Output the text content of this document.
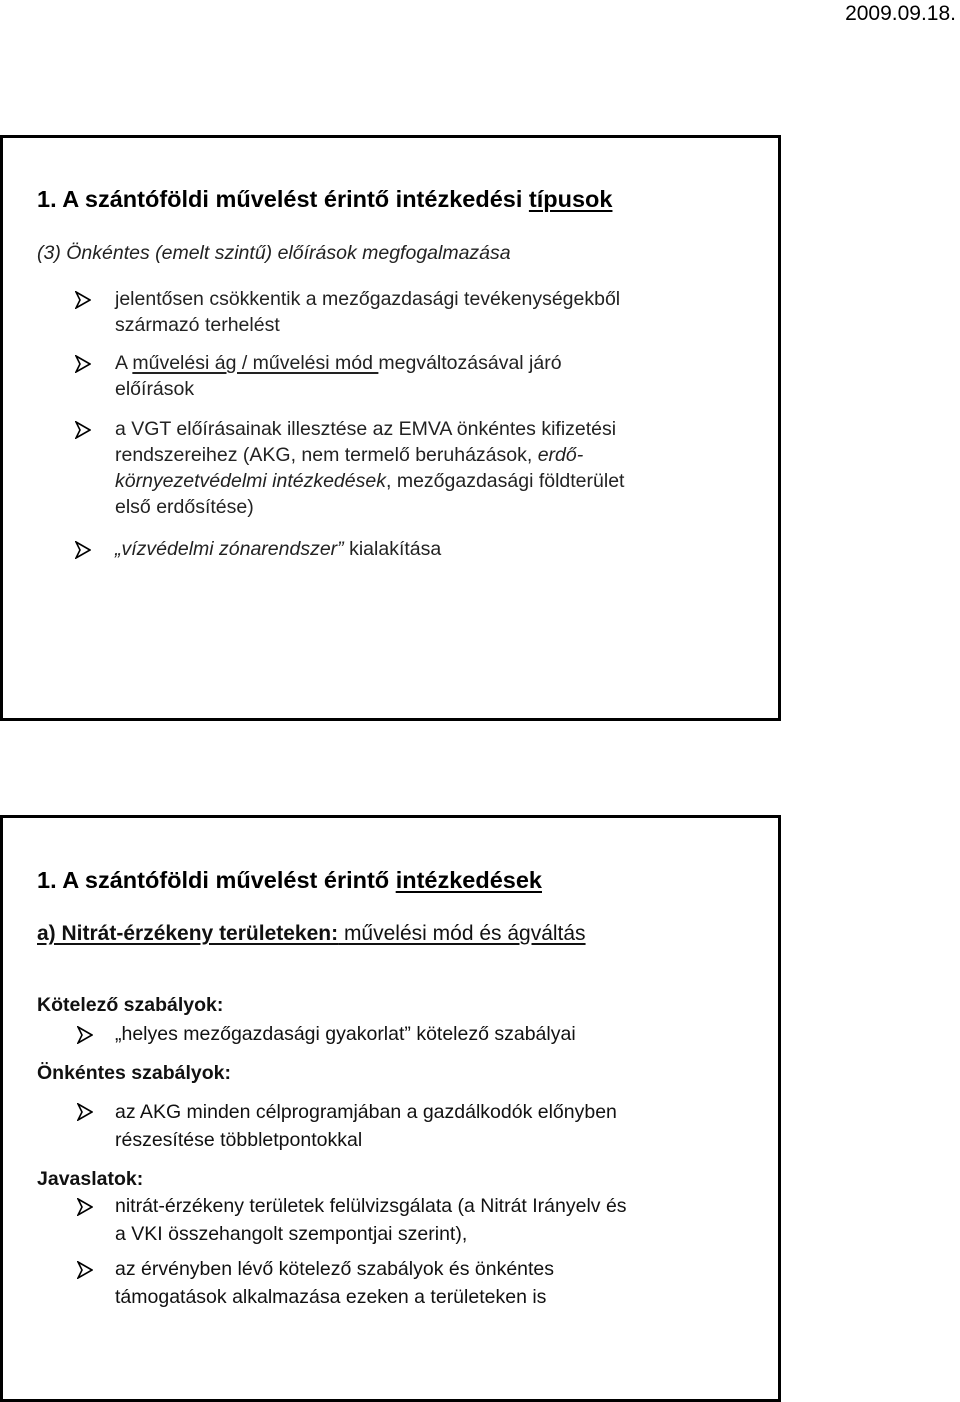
2009.09.18.
1. A szántóföldi művelést érintő intézkedési típusok
(3) Önkéntes (emelt szintű) előírások megfogalmazása
jelentősen csökkentik a mezőgazdasági tevékenységekből
származó terhelést
A művelési ág / művelési mód megváltozásával járó
előírások
a VGT előírásainak illesztése az EMVA önkéntes kifizetési
rendszereihez (AKG, nem termelő beruházások, erdő-
környezetvédelmi intézkedések, mezőgazdasági földterület
első erdősítése)
„vízvédelmi zónarendszer” kialakítása
1. A szántóföldi művelést érintő intézkedések
a) Nitrát-érzékeny területeken: művelési mód és ágváltás
Kötelező szabályok:
„helyes mezőgazdasági gyakorlat” kötelező szabályai
Önkéntes szabályok:
az AKG minden célprogramjában a gazdálkodók előnyben
részesítése többletpontokkal
Javaslatok:
nitrát-érzékeny területek felülvizsgálata (a Nitrát Irányelv és
a VKI összehangolt szempontjai szerint),
az érvényben lévő kötelező szabályok és önkéntes
támogatások alkalmazása ezeken a területeken is
